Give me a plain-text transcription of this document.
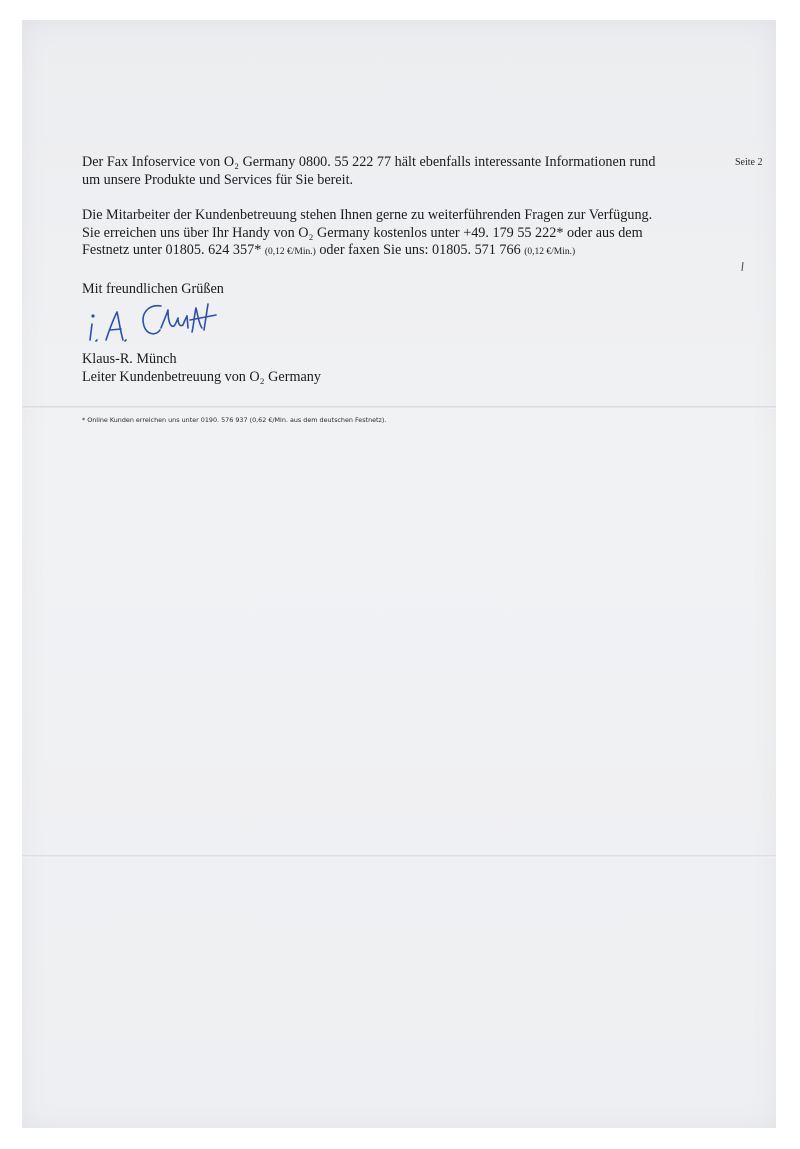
Seite 2
Der Fax Infoservice von O₂ Germany 0800. 55 222 77 hält ebenfalls interessante Informationen rund
um unsere Produkte und Services für Sie bereit.
Die Mitarbeiter der Kundenbetreuung stehen Ihnen gerne zu weiterführenden Fragen zur Verfügung.
Sie erreichen uns über Ihr Handy von O₂ Germany kostenlos unter +49. 179 55 222* oder aus dem
Festnetz unter 01805. 624 357* (0,12 €/Min.) oder faxen Sie uns: 01805. 571 766 (0,12 €/Min.)
Mit freundlichen Grüßen
Klaus-R. Münch
Leiter Kundenbetreuung von O₂ Germany
* Online Kunden erreichen uns unter 0190. 576 937 (0,62 €/Min. aus dem deutschen Festnetz).
